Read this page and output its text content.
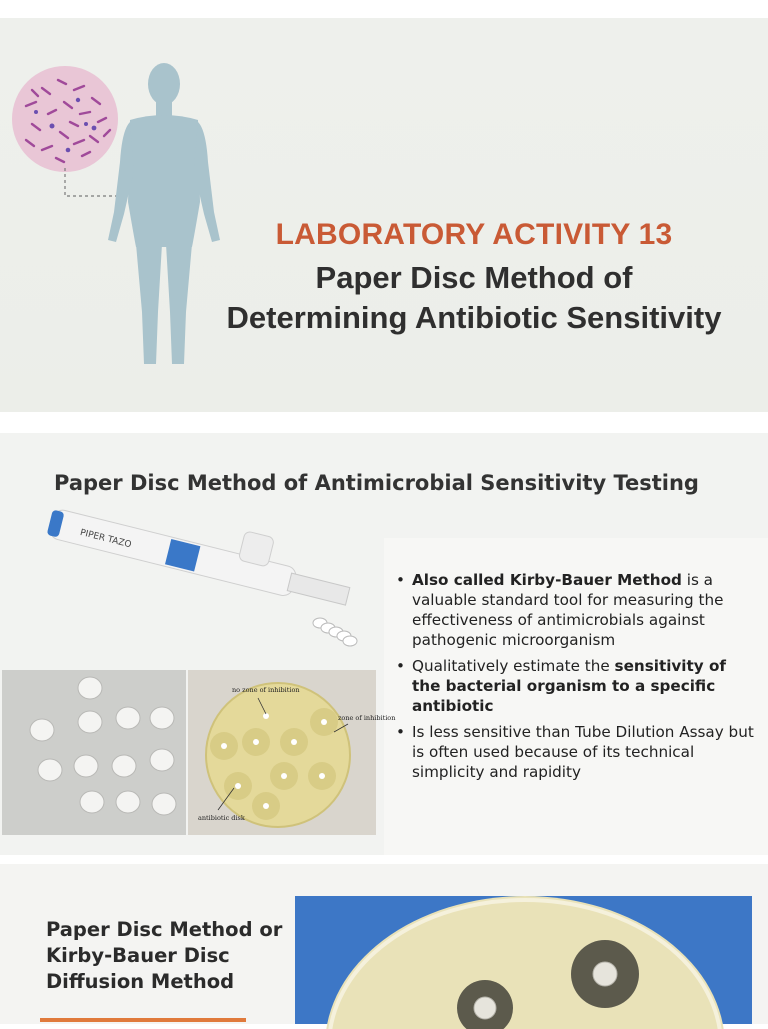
LABORATORY ACTIVITY 13
Paper Disc Method of
Determining Antibiotic Sensitivity
Paper Disc Method of Antimicrobial Sensitivity Testing
PIPER TAZO
• Also called Kirby-Bauer Method is a valuable standard tool for measuring the effectiveness of antimicrobials against pathogenic microorganism
• Qualitatively estimate the sensitivity of the bacterial organism to a specific antibiotic
• Is less sensitive than Tube Dilution Assay but is often used because of its technical simplicity and rapidity
no zone of inhibition
zone of inhibition
antibiotic disk
Paper Disc Method or Kirby-Bauer Disc Diffusion Method
